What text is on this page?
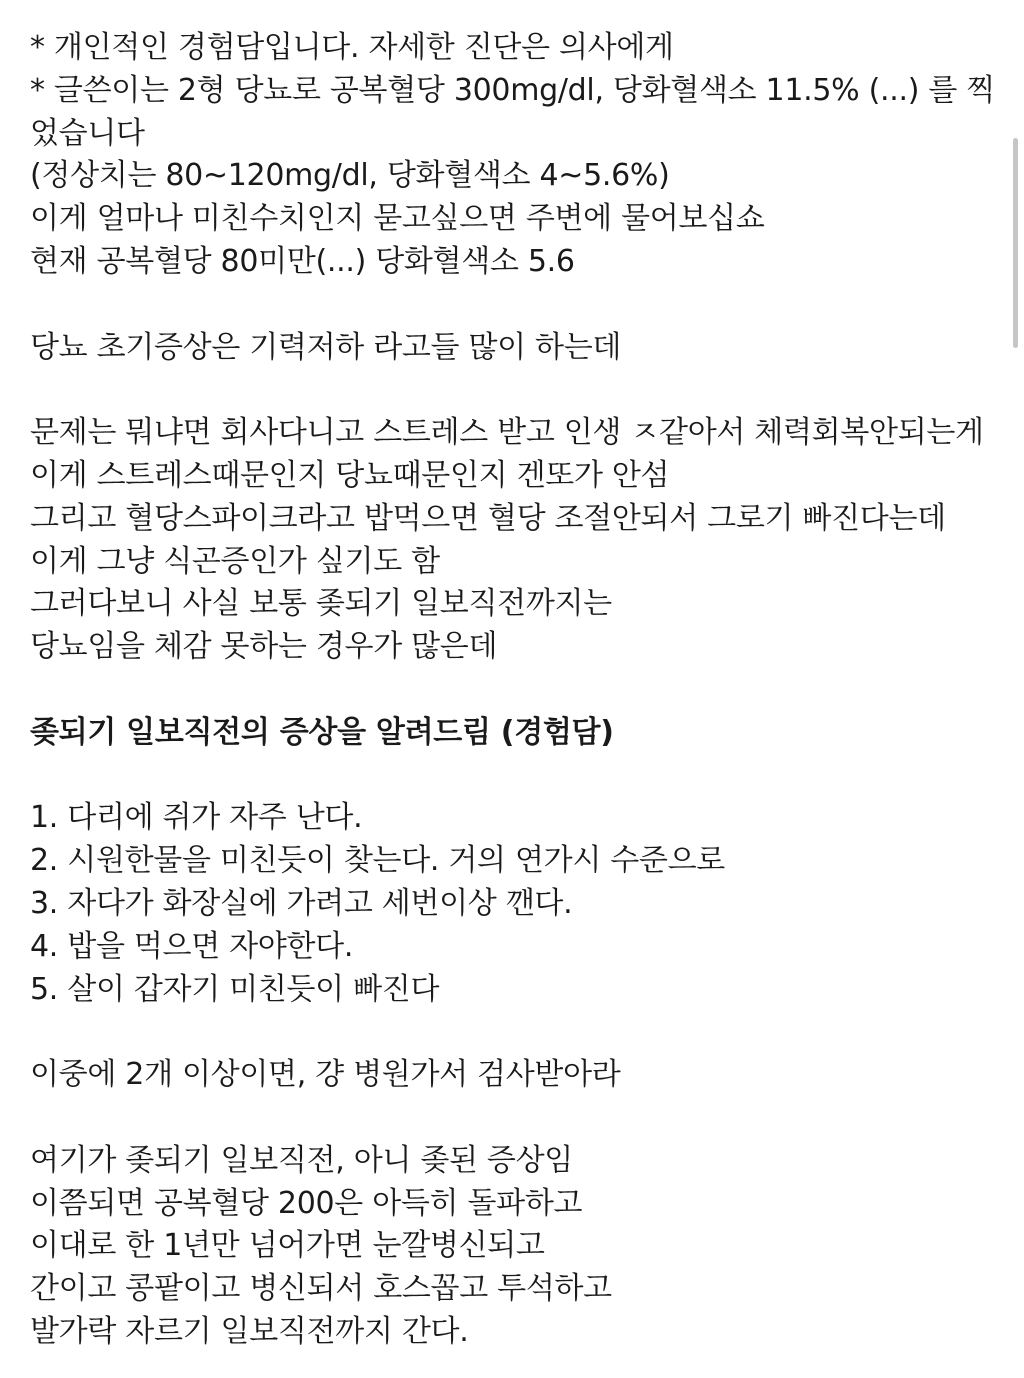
* 개인적인 경험담입니다. 자세한 진단은 의사에게
* 글쓴이는 2형 당뇨로 공복혈당 300mg/dl, 당화혈색소 11.5% (...) 를 찍었습니다
(정상치는 80~120mg/dl, 당화혈색소 4~5.6%)
이게 얼마나 미친수치인지 묻고싶으면 주변에 물어보십쇼
현재 공복혈당 80미만(...) 당화혈색소 5.6
당뇨 초기증상은 기력저하 라고들 많이 하는데
문제는 뭐냐면 회사다니고 스트레스 받고 인생 ㅈ같아서 체력회복안되는게
이게 스트레스때문인지 당뇨때문인지 겐또가 안섬
그리고 혈당스파이크라고 밥먹으면 혈당 조절안되서 그로기 빠진다는데
이게 그냥 식곤증인가 싶기도 함
그러다보니 사실 보통 좆되기 일보직전까지는
당뇨임을 체감 못하는 경우가 많은데
좆되기 일보직전의 증상을 알려드림 (경험담)
1. 다리에 쥐가 자주 난다.
2. 시원한물을 미친듯이 찾는다. 거의 연가시 수준으로
3. 자다가 화장실에 가려고 세번이상 깬다.
4. 밥을 먹으면 자야한다.
5. 살이 갑자기 미친듯이 빠진다
이중에 2개 이상이면, 걍 병원가서 검사받아라
여기가 좆되기 일보직전, 아니 좆된 증상임
이쯤되면 공복혈당 200은 아득히 돌파하고
이대로 한 1년만 넘어가면 눈깔병신되고
간이고 콩팥이고 병신되서 호스꼽고 투석하고
발가락 자르기 일보직전까지 간다.
